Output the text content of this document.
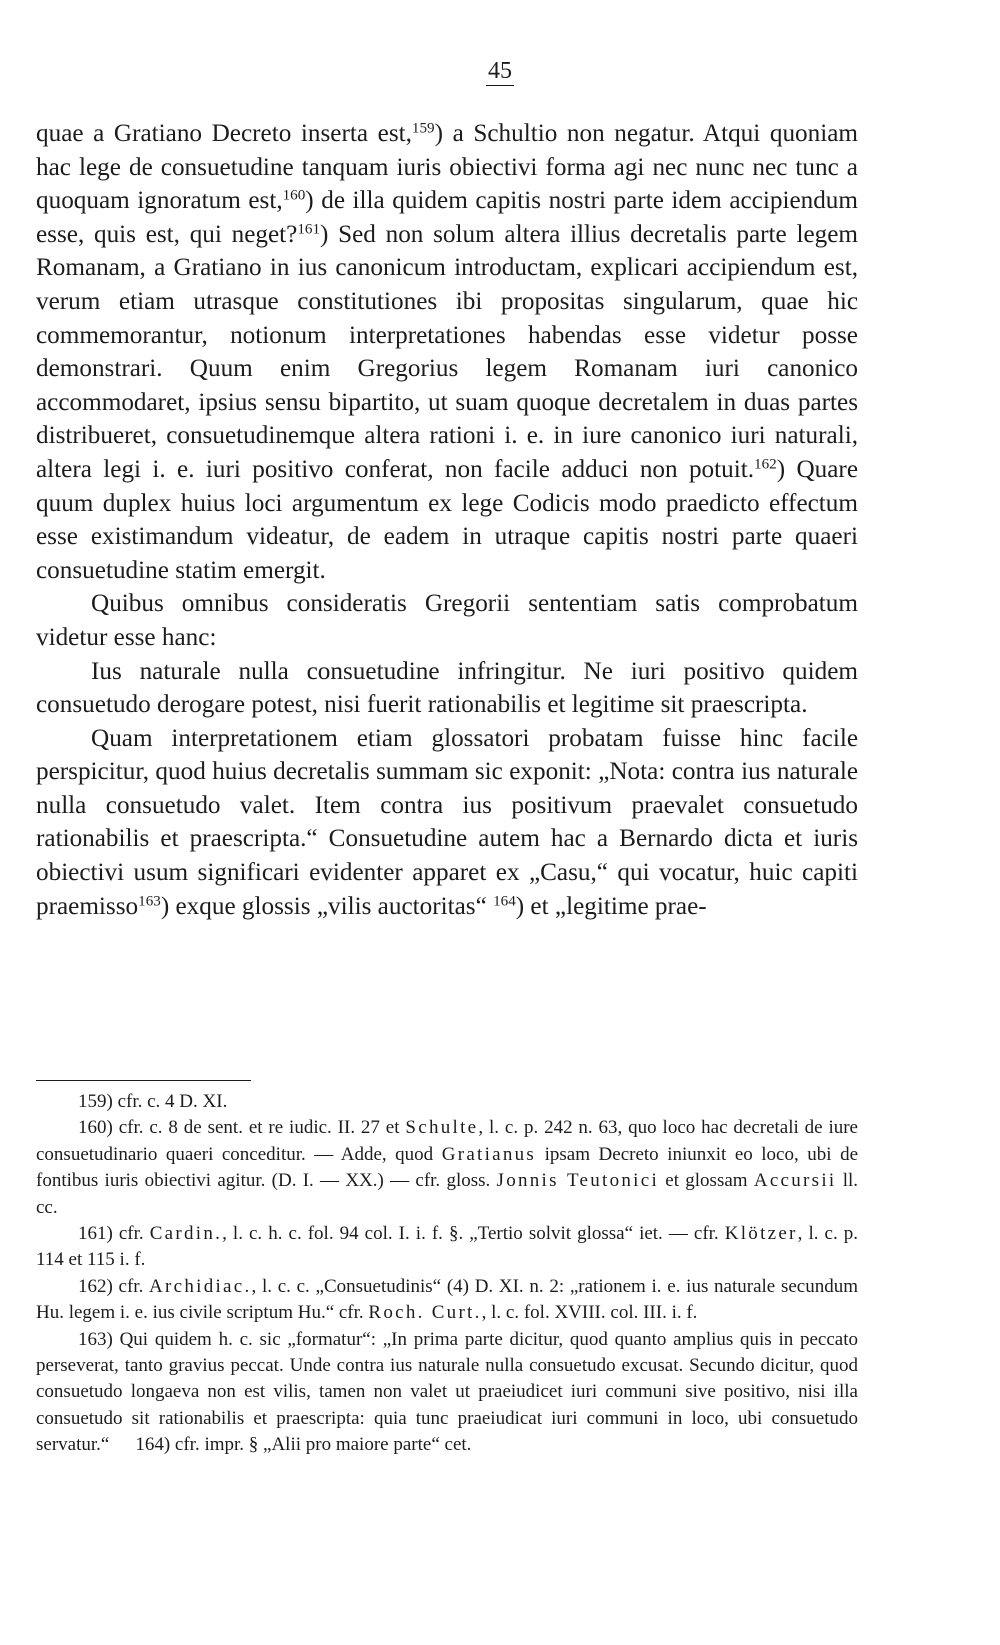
45

quae a Gratiano Decreto inserta est,$^{159}$) a Schultio non negatur. Atqui quoniam hac lege de consuetudine tanquam iuris obiectivi forma agi nec nunc nec tunc a quoquam ignoratum est,$^{160}$) de illa quidem capitis nostri parte idem accipiendum esse, quis est, qui neget?$^{161}$) Sed non solum altera illius decretalis parte legem Romanam, a Gratiano in ius canonicum introductam, explicari accipiendum est, verum etiam utrasque constitutiones ibi propositas singularum, quae hic commemorantur, notionum interpretationes habendas esse videtur posse demonstrari. Quum enim Gregorius legem Romanam iuri canonico accommodaret, ipsius sensu bipartito, ut suam quoque decretalem in duas partes distribueret, consuetudinemque altera rationi i. e. in iure canonico iuri naturali, altera legi i. e. iuri positivo conferat, non facile adduci non potuit.$^{162}$) Quare quum duplex huius loci argumentum ex lege Codicis modo praedicto effectum esse existimandum videatur, de eadem in utraque capitis nostri parte quaeri consuetudine statim emergit.

Quibus omnibus consideratis Gregorii sententiam satis comprobatum videtur esse hanc:

Ius naturale nulla consuetudine infringitur. Ne iuri positivo quidem consuetudo derogare potest, nisi fuerit rationabilis et legitime sit praescripta.

Quam interpretationem etiam glossatori probatam fuisse hinc facile perspicitur, quod huius decretalis summam sic exponit: „Nota: contra ius naturale nulla consuetudo valet. Item contra ius positivum praevalet consuetudo rationabilis et praescripta.“ Consuetudine autem hac a Bernardo dicta et iuris obiectivi usum significari evidenter apparet ex „Casu,“ qui vocatur, huic capiti praemisso$^{163}$) exque glossis „vilis auctoritas“ $^{164}$) et „legitime prae-

159) cfr. c. 4 D. XI.

160) cfr. c. 8 de sent. et re iudic. II. 27 et Schulte, l. c. p. 242 n. 63, quo loco hac decretali de iure consuetudinario quaeri conceditur. — Adde, quod Gratianus ipsam Decreto iniunxit eo loco, ubi de fontibus iuris obiectivi agitur. (D. I. — XX.) — cfr. gloss. Jonnis Teutonici et glossam Accursii ll. cc.

161) cfr. Cardin., l. c. h. c. fol. 94 col. I. i. f. §. „Tertio solvit glossa“ iet. — cfr. Klötzer, l. c. p. 114 et 115 i. f.

162) cfr. Archidiac., l. c. c. „Consuetudinis“ (4) D. XI. n. 2: „rationem i. e. ius naturale secundum Hu. legem i. e. ius civile scriptum Hu.“ cfr. Roch. Curt., l. c. fol. XVIII. col. III. i. f.

163) Qui quidem h. c. sic „formatur“: „In prima parte dicitur, quod quanto amplius quis in peccato perseverat, tanto gravius peccat. Unde contra ius naturale nulla consuetudo excusat. Secundo dicitur, quod consuetudo longaeva non est vilis, tamen non valet ut praeiudicet iuri communi sive positivo, nisi illa consuetudo sit rationabilis et praescripta: quia tunc praeiudicat iuri communi in loco, ubi consuetudo servatur.“ 164) cfr. impr. § „Alii pro maiore parte“ cet.
